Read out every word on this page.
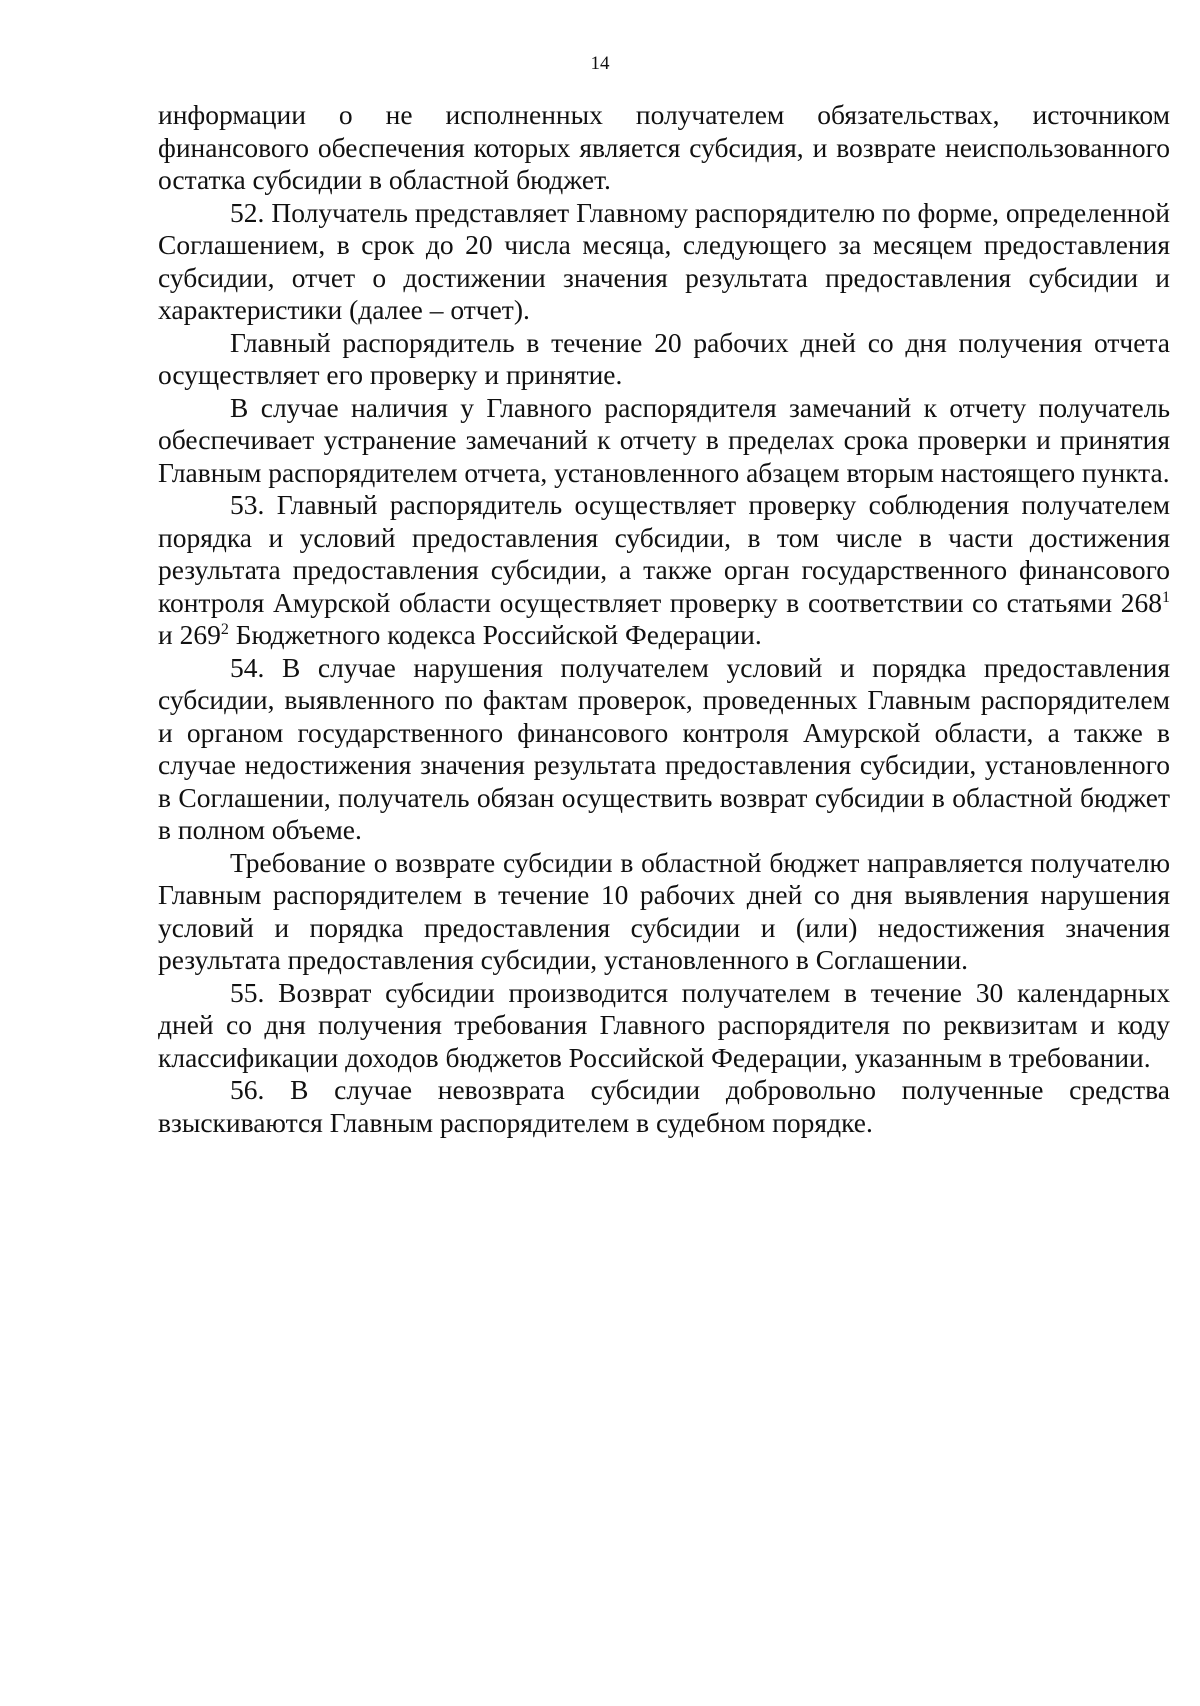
14

информации о не исполненных получателем обязательствах, источником финансового обеспечения которых является субсидия, и возврате неиспользованного остатка субсидии в областной бюджет.

52. Получатель представляет Главному распорядителю по форме, определенной Соглашением, в срок до 20 числа месяца, следующего за месяцем предоставления субсидии, отчет о достижении значения результата предоставления субсидии и характеристики (далее – отчет).

Главный распорядитель в течение 20 рабочих дней со дня получения отчета осуществляет его проверку и принятие.

В случае наличия у Главного распорядителя замечаний к отчету получатель обеспечивает устранение замечаний к отчету в пределах срока проверки и принятия Главным распорядителем отчета, установленного абзацем вторым настоящего пункта.

53. Главный распорядитель осуществляет проверку соблюдения получателем порядка и условий предоставления субсидии, в том числе в части достижения результата предоставления субсидии, а также орган государственного финансового контроля Амурской области осуществляет проверку в соответствии со статьями $268^1$ и $269^2$ Бюджетного кодекса Российской Федерации.

54. В случае нарушения получателем условий и порядка предоставления субсидии, выявленного по фактам проверок, проведенных Главным распорядителем и органом государственного финансового контроля Амурской области, а также в случае недостижения значения результата предоставления субсидии, установленного в Соглашении, получатель обязан осуществить возврат субсидии в областной бюджет в полном объеме.

Требование о возврате субсидии в областной бюджет направляется получателю Главным распорядителем в течение 10 рабочих дней со дня выявления нарушения условий и порядка предоставления субсидии и (или) недостижения значения результата предоставления субсидии, установленного в Соглашении.

55. Возврат субсидии производится получателем в течение 30 календарных дней со дня получения требования Главного распорядителя по реквизитам и коду классификации доходов бюджетов Российской Федерации, указанным в требовании.

56. В случае невозврата субсидии добровольно полученные средства взыскиваются Главным распорядителем в судебном порядке.
